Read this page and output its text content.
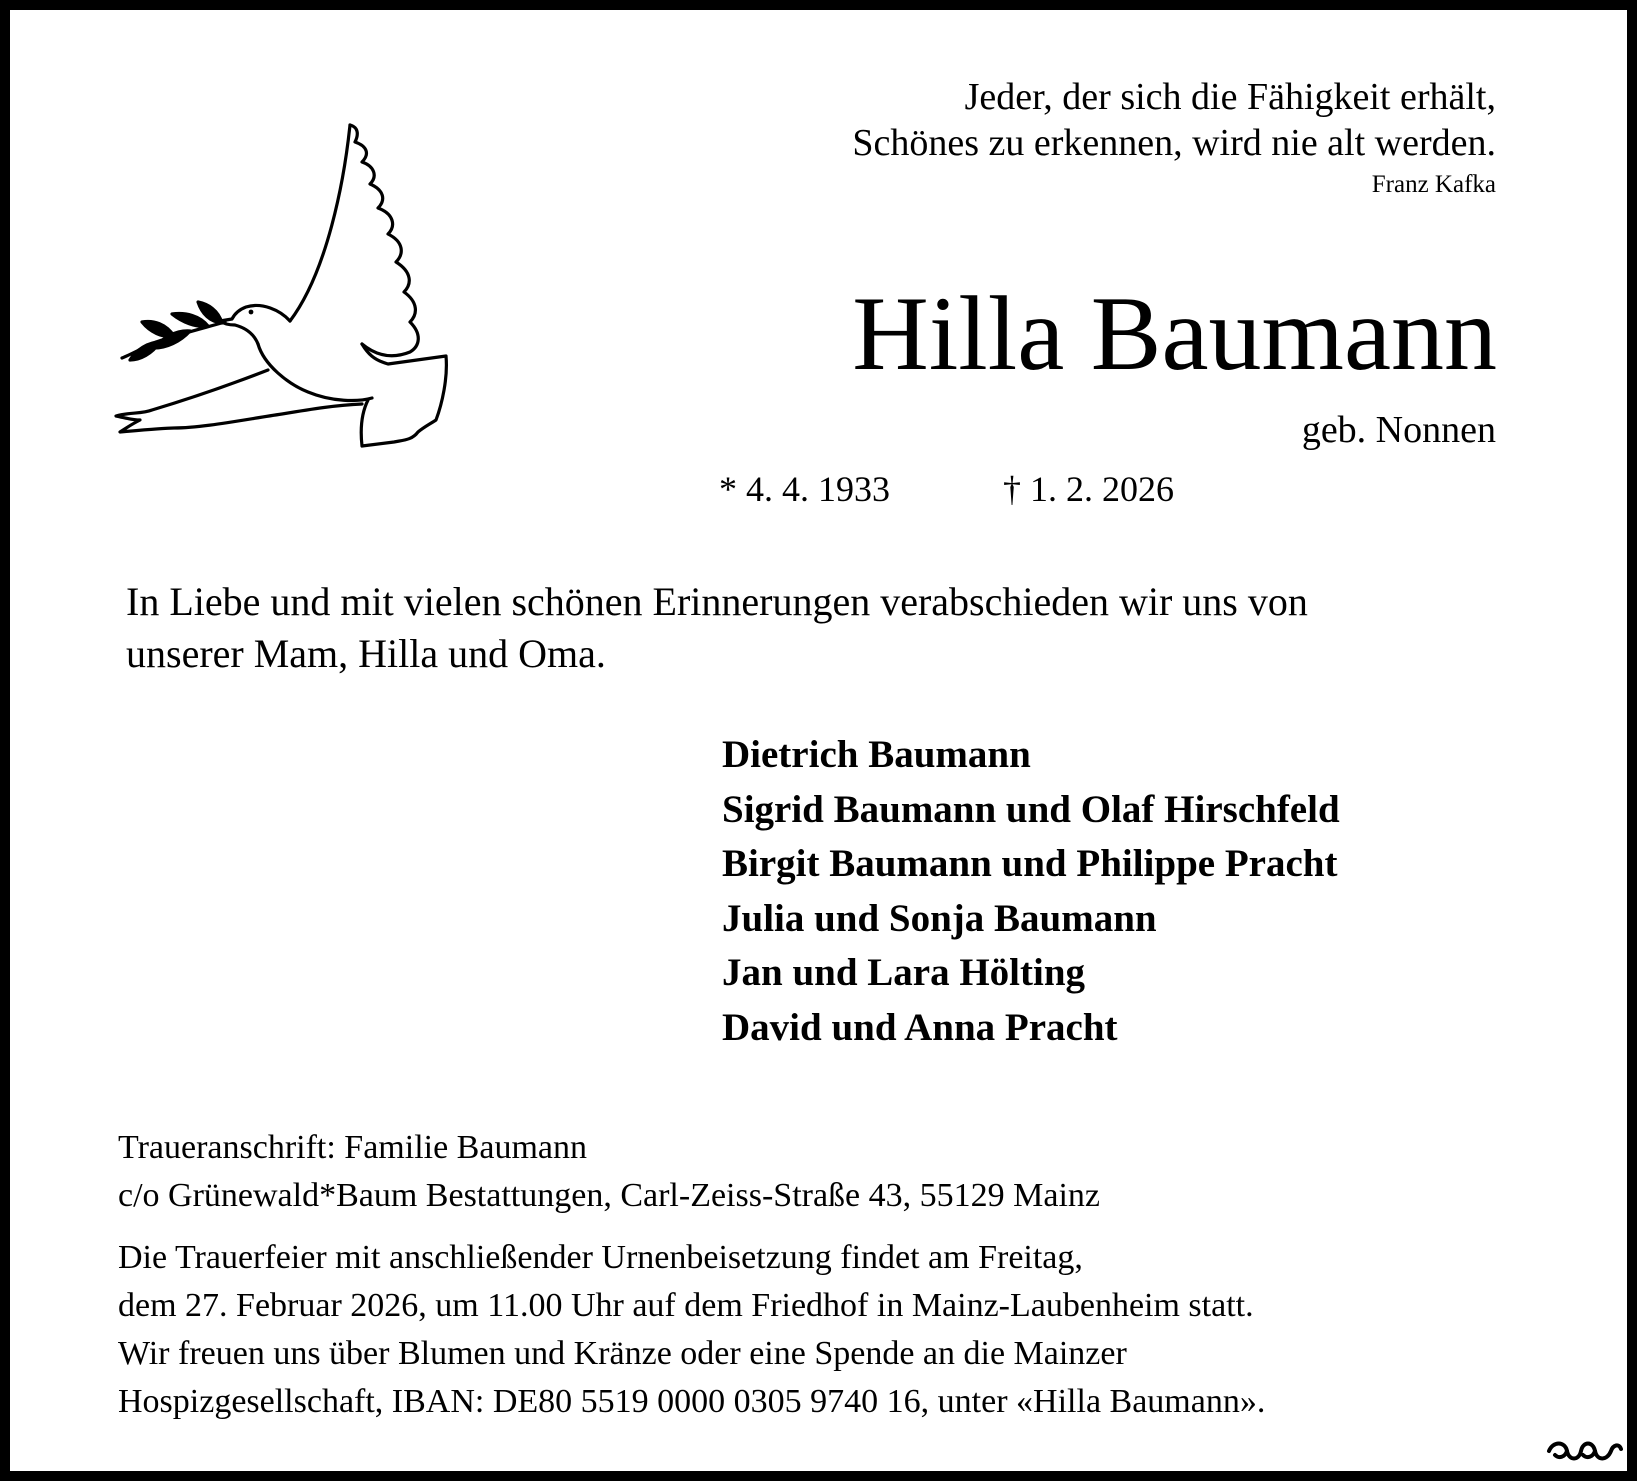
Jeder, der sich die Fähigkeit erhält,
Schönes zu erkennen, wird nie alt werden.
Franz Kafka
Hilla Baumann
geb. Nonnen
* 4. 4. 1933	† 1. 2. 2026
In Liebe und mit vielen schönen Erinnerungen verabschieden wir uns von
unserer Mam, Hilla und Oma.
Dietrich Baumann
Sigrid Baumann und Olaf Hirschfeld
Birgit Baumann und Philippe Pracht
Julia und Sonja Baumann
Jan und Lara Hölting
David und Anna Pracht
Traueranschrift: Familie Baumann
c/o Grünewald*Baum Bestattungen, Carl-Zeiss-Straße 43, 55129 Mainz
Die Trauerfeier mit anschließender Urnenbeisetzung findet am Freitag,
dem 27. Februar 2026, um 11.00 Uhr auf dem Friedhof in Mainz-Laubenheim statt.
Wir freuen uns über Blumen und Kränze oder eine Spende an die Mainzer
Hospizgesellschaft, IBAN: DE80 5519 0000 0305 9740 16, unter «Hilla Baumann».
